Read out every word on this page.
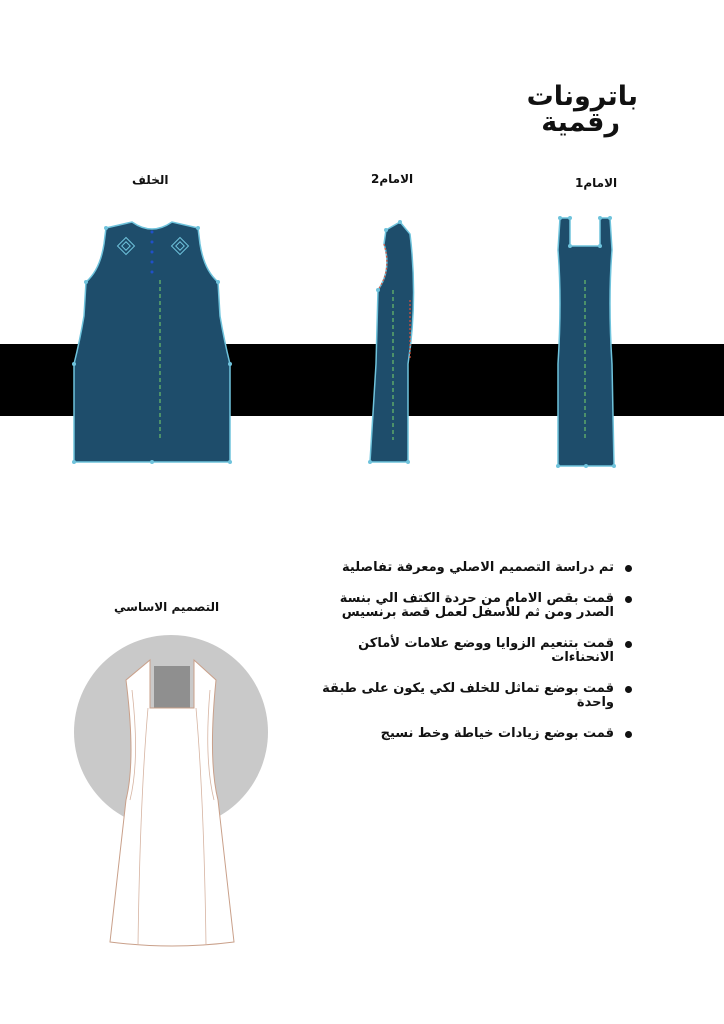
باترونات
رقمية
الامام1
الامام2
الخلف
التصميم الاساسي
تم دراسة التصميم الاصلي ومعرفة تفاصلية
قمت بقص الامام من حردة الكتف الي بنسة الصدر ومن ثم للأسفل لعمل قصة برنسيس
قمت بتنعيم الزوايا ووضع علامات لأماكن الانحناءات
قمت بوضع تماثل للخلف لكي يكون على طبقة واحدة
قمت بوضع زيادات خياطة وخط نسيج
